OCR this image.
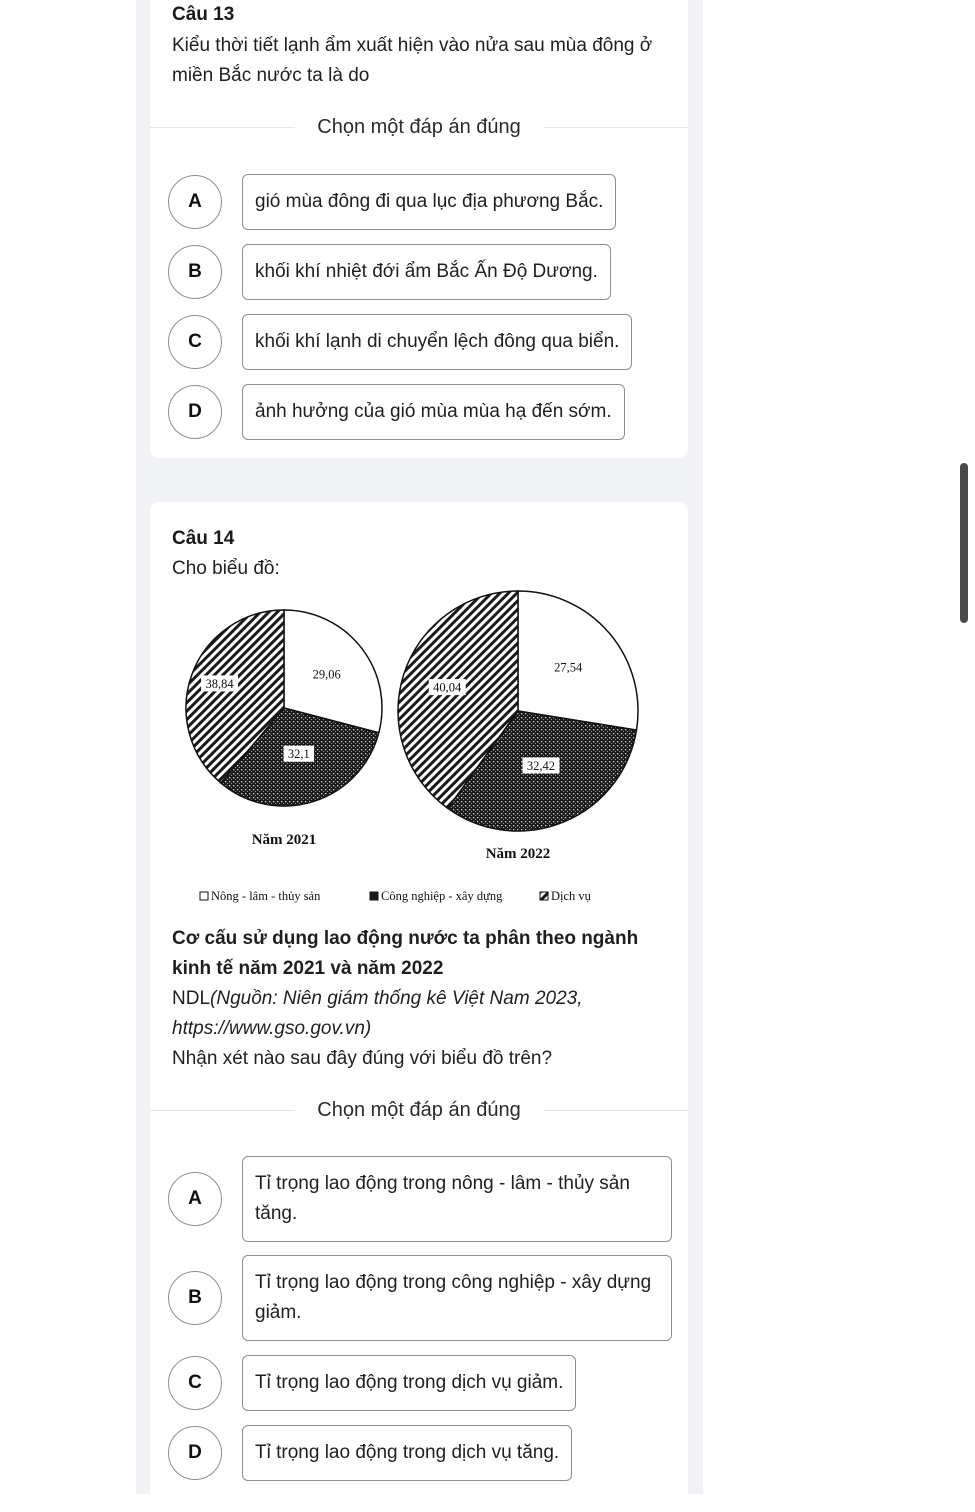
Câu 13
Kiểu thời tiết lạnh ẩm xuất hiện vào nửa sau mùa đông ở miền Bắc nước ta là do
Chọn một đáp án đúng
A	gió mùa đông đi qua lục địa phương Bắc.
B	khối khí nhiệt đới ẩm Bắc Ấn Độ Dương.
C	khối khí lạnh di chuyển lệch đông qua biển.
D	ảnh hưởng của gió mùa mùa hạ đến sớm.
Câu 14
Cho biểu đồ:
29,06
32,1
38,84
Năm 2021
27,54
32,42
40,04
Năm 2022
Nông - lâm - thủy sản	Công nghiệp - xây dựng	Dịch vụ
Cơ cấu sử dụng lao động nước ta phân theo ngành kinh tế năm 2021 và năm 2022
NDL(Nguồn: Niên giám thống kê Việt Nam 2023, https://www.gso.gov.vn)
Nhận xét nào sau đây đúng với biểu đồ trên?
Chọn một đáp án đúng
A
Tỉ trọng lao động trong nông - lâm - thủy sản tăng.
B
Tỉ trọng lao động trong công nghiệp - xây dựng giảm.
C	Tỉ trọng lao động trong dịch vụ giảm.
D	Tỉ trọng lao động trong dịch vụ tăng.
